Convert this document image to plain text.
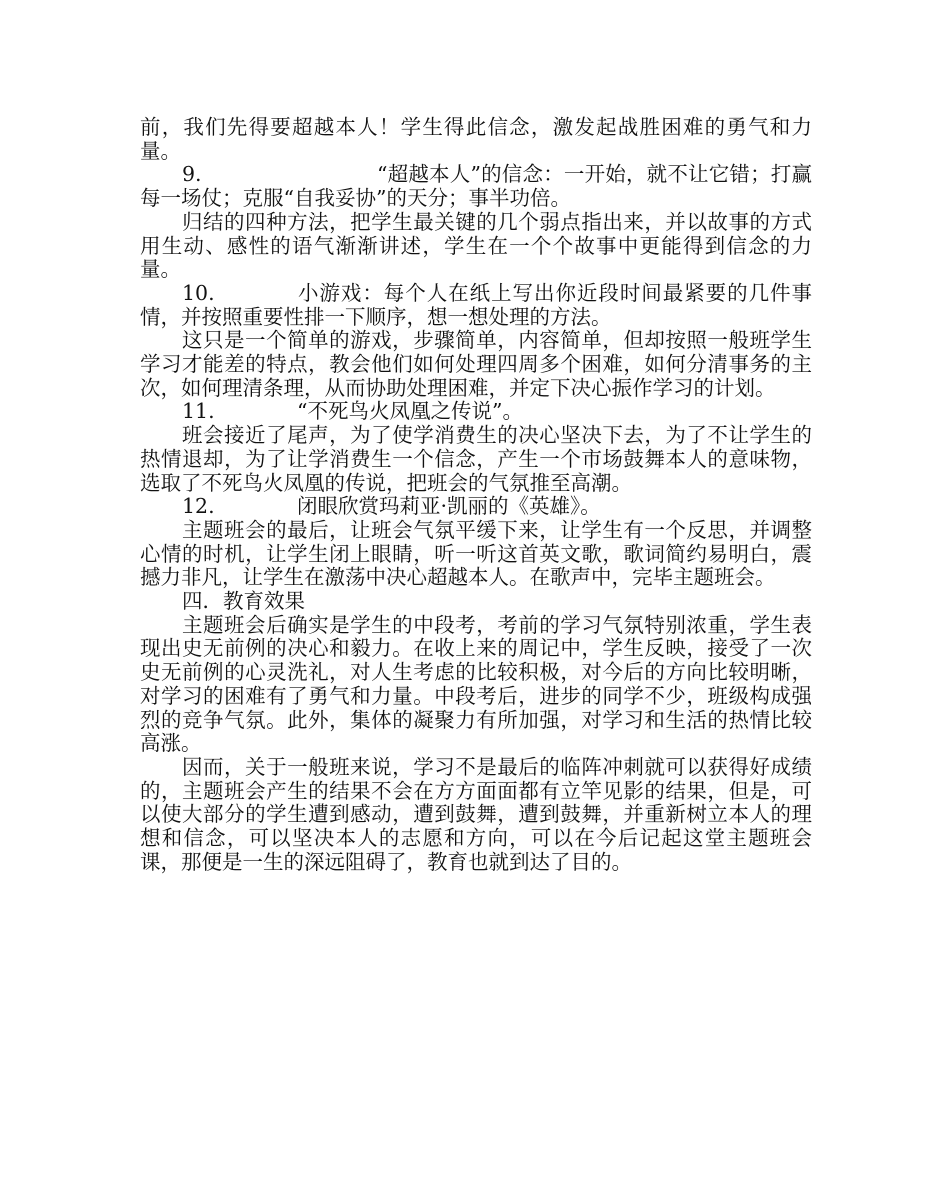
前，我们先得要超越本人！学生得此信念，激发起战胜困难的勇气和力量。

9.	“超越本人”的信念：一开始，就不让它错；打赢每一场仗；克服“自我妥协”的天分；事半功倍。

归结的四种方法，把学生最关键的几个弱点指出来，并以故事的方式用生动、感性的语气渐渐讲述，学生在一个个故事中更能得到信念的力量。

10.	小游戏：每个人在纸上写出你近段时间最紧要的几件事情，并按照重要性排一下顺序，想一想处理的方法。

这只是一个简单的游戏，步骤简单，内容简单，但却按照一般班学生学习才能差的特点，教会他们如何处理四周多个困难，如何分清事务的主次，如何理清条理，从而协助处理困难，并定下决心振作学习的计划。

11.	“不死鸟火凤凰之传说”。

班会接近了尾声，为了使学消费生的决心坚决下去，为了不让学生的热情退却，为了让学消费生一个信念，产生一个市场鼓舞本人的意味物，选取了不死鸟火凤凰的传说，把班会的气氛推至高潮。

12.	闭眼欣赏玛莉亚·凯丽的《英雄》。

主题班会的最后，让班会气氛平缓下来，让学生有一个反思，并调整心情的时机，让学生闭上眼睛，听一听这首英文歌，歌词简约易明白，震撼力非凡，让学生在激荡中决心超越本人。在歌声中，完毕主题班会。

四．教育效果

主题班会后确实是学生的中段考，考前的学习气氛特别浓重，学生表现出史无前例的决心和毅力。在收上来的周记中，学生反映，接受了一次史无前例的心灵洗礼，对人生考虑的比较积极，对今后的方向比较明晰，对学习的困难有了勇气和力量。中段考后，进步的同学不少，班级构成强烈的竞争气氛。此外，集体的凝聚力有所加强，对学习和生活的热情比较高涨。

因而，关于一般班来说，学习不是最后的临阵冲刺就可以获得好成绩的，主题班会产生的结果不会在方方面面都有立竿见影的结果，但是，可以使大部分的学生遭到感动，遭到鼓舞，遭到鼓舞，并重新树立本人的理想和信念，可以坚决本人的志愿和方向，可以在今后记起这堂主题班会课，那便是一生的深远阻碍了，教育也就到达了目的。
